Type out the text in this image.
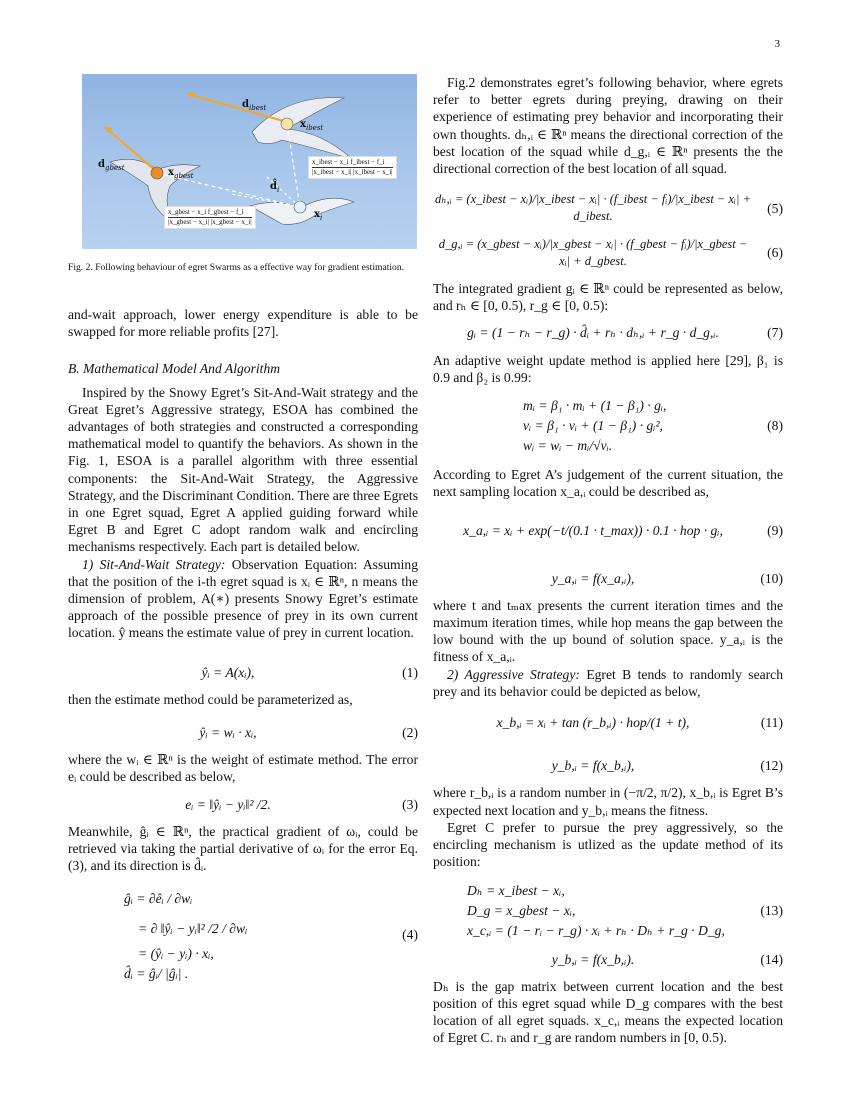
3
$d_{ibest}$
$x_{ibest}$
$d_{gbest}$	$x_{gbest}$
$d̂_i$
$x_i$
x_ibest − x_i f_ibest − f_i
|x_ibest − x_i| |x_ibest − x_i|
x_gbest − x_i f_gbest − f_i
|x_gbest − x_i| |x_gbest − x_i|

Fig. 2. Following behaviour of egret Swarms as a effective way for gradient estimation.

and-wait approach, lower energy expenditure is able to be swapped for more reliable profits [27].

B. Mathematical Model And Algorithm

Inspired by the Snowy Egret’s Sit-And-Wait strategy and the Great Egret’s Aggressive strategy, ESOA has combined the advantages of both strategies and constructed a corresponding mathematical model to quantify the behaviors. As shown in the Fig. 1, ESOA is a parallel algorithm with three essential components: the Sit-And-Wait Strategy, the Aggressive Strategy, and the Discriminant Condition. There are three Egrets in one Egret squad, Egret A applied guiding forward while Egret B and Egret C adopt random walk and encircling mechanisms respectively. Each part is detailed below.

1) Sit-And-Wait Strategy: Observation Equation: Assuming that the position of the i-th egret squad is xᵢ ∈ ℝⁿ, n means the dimension of problem, A(∗) presents Snowy Egret’s estimate approach of the possible presence of prey in its own current location. ŷ means the estimate value of prey in current location.

ŷᵢ = A(xᵢ),	(1)

then the estimate method could be parameterized as,

ŷᵢ = wᵢ · xᵢ,	(2)

where the wᵢ ∈ ℝⁿ is the weight of estimate method. The error eᵢ could be described as below,

eᵢ = ‖ŷᵢ − yᵢ‖² /2.	(3)

Meanwhile, ĝᵢ ∈ ℝⁿ, the practical gradient of ωᵢ, could be retrieved via taking the partial derivative of ωᵢ for the error Eq. (3), and its direction is d̂ᵢ.

ĝᵢ = ∂êᵢ / ∂wᵢ
= ∂ ‖ŷᵢ − yᵢ‖² /2 / ∂wᵢ
= (ŷᵢ − yᵢ) · xᵢ,
d̂ᵢ = ĝᵢ/ |ĝᵢ| .
(4)

Fig.2 demonstrates egret’s following behavior, where egrets refer to better egrets during preying, drawing on their experience of estimating prey behavior and incorporating their own thoughts. dₕ,ᵢ ∈ ℝⁿ means the directional correction of the best location of the squad while d_g,ᵢ ∈ ℝⁿ presents the the directional correction of the best location of all squad.

dₕ,ᵢ = (x_ibest − xᵢ)/|x_ibest − xᵢ| · (f_ibest − fᵢ)/|x_ibest − xᵢ| + d_ibest.
(5)
d_g,ᵢ = (x_gbest − xᵢ)/|x_gbest − xᵢ| · (f_gbest − fᵢ)/|x_gbest − xᵢ| + d_gbest.
(6)

The integrated gradient gᵢ ∈ ℝⁿ could be represented as below, and rₕ ∈ [0, 0.5), r_g ∈ [0, 0.5):

gᵢ = (1 − rₕ − r_g) · d̂ᵢ + rₕ · dₕ,ᵢ + r_g · d_g,ᵢ.	(7)

An adaptive weight update method is applied here [29], β₁ is 0.9 and β₂ is 0.99:

mᵢ = β₁ · mᵢ + (1 − β₁) · gᵢ,
vᵢ = β₁ · vᵢ + (1 − β₁) · gᵢ²,
wᵢ = wᵢ − mᵢ/√vᵢ.
(8)

According to Egret A’s judgement of the current situation, the next sampling location x_a,ᵢ could be described as,

x_a,ᵢ = xᵢ + exp(−t/(0.1 · t_max)) · 0.1 · hop · gᵢ,	(9)
y_a,ᵢ = f(x_a,ᵢ),	(10)

where t and tₘax presents the current iteration times and the maximum iteration times, while hop means the gap between the low bound with the up bound of solution space. y_a,ᵢ is the fitness of x_a,ᵢ.

2) Aggressive Strategy: Egret B tends to randomly search prey and its behavior could be depicted as below,

x_b,ᵢ = xᵢ + tan (r_b,ᵢ) · hop/(1 + t),	(11)
y_b,ᵢ = f(x_b,ᵢ),	(12)

where r_b,ᵢ is a random number in (−π/2, π/2), x_b,ᵢ is Egret B’s expected next location and y_b,ᵢ means the fitness.

Egret C prefer to pursue the prey aggressively, so the encircling mechanism is utlized as the update method of its position:

Dₕ = x_ibest − xᵢ,
D_g = x_gbest − xᵢ,
x_c,ᵢ = (1 − rᵢ − r_g) · xᵢ + rₕ · Dₕ + r_g · D_g,
(13)
y_b,ᵢ = f(x_b,ᵢ).	(14)

Dₕ is the gap matrix between current location and the best position of this egret squad while D_g compares with the best location of all egret squads. x_c,ᵢ means the expected location of Egret C. rₕ and r_g are random numbers in [0, 0.5).
